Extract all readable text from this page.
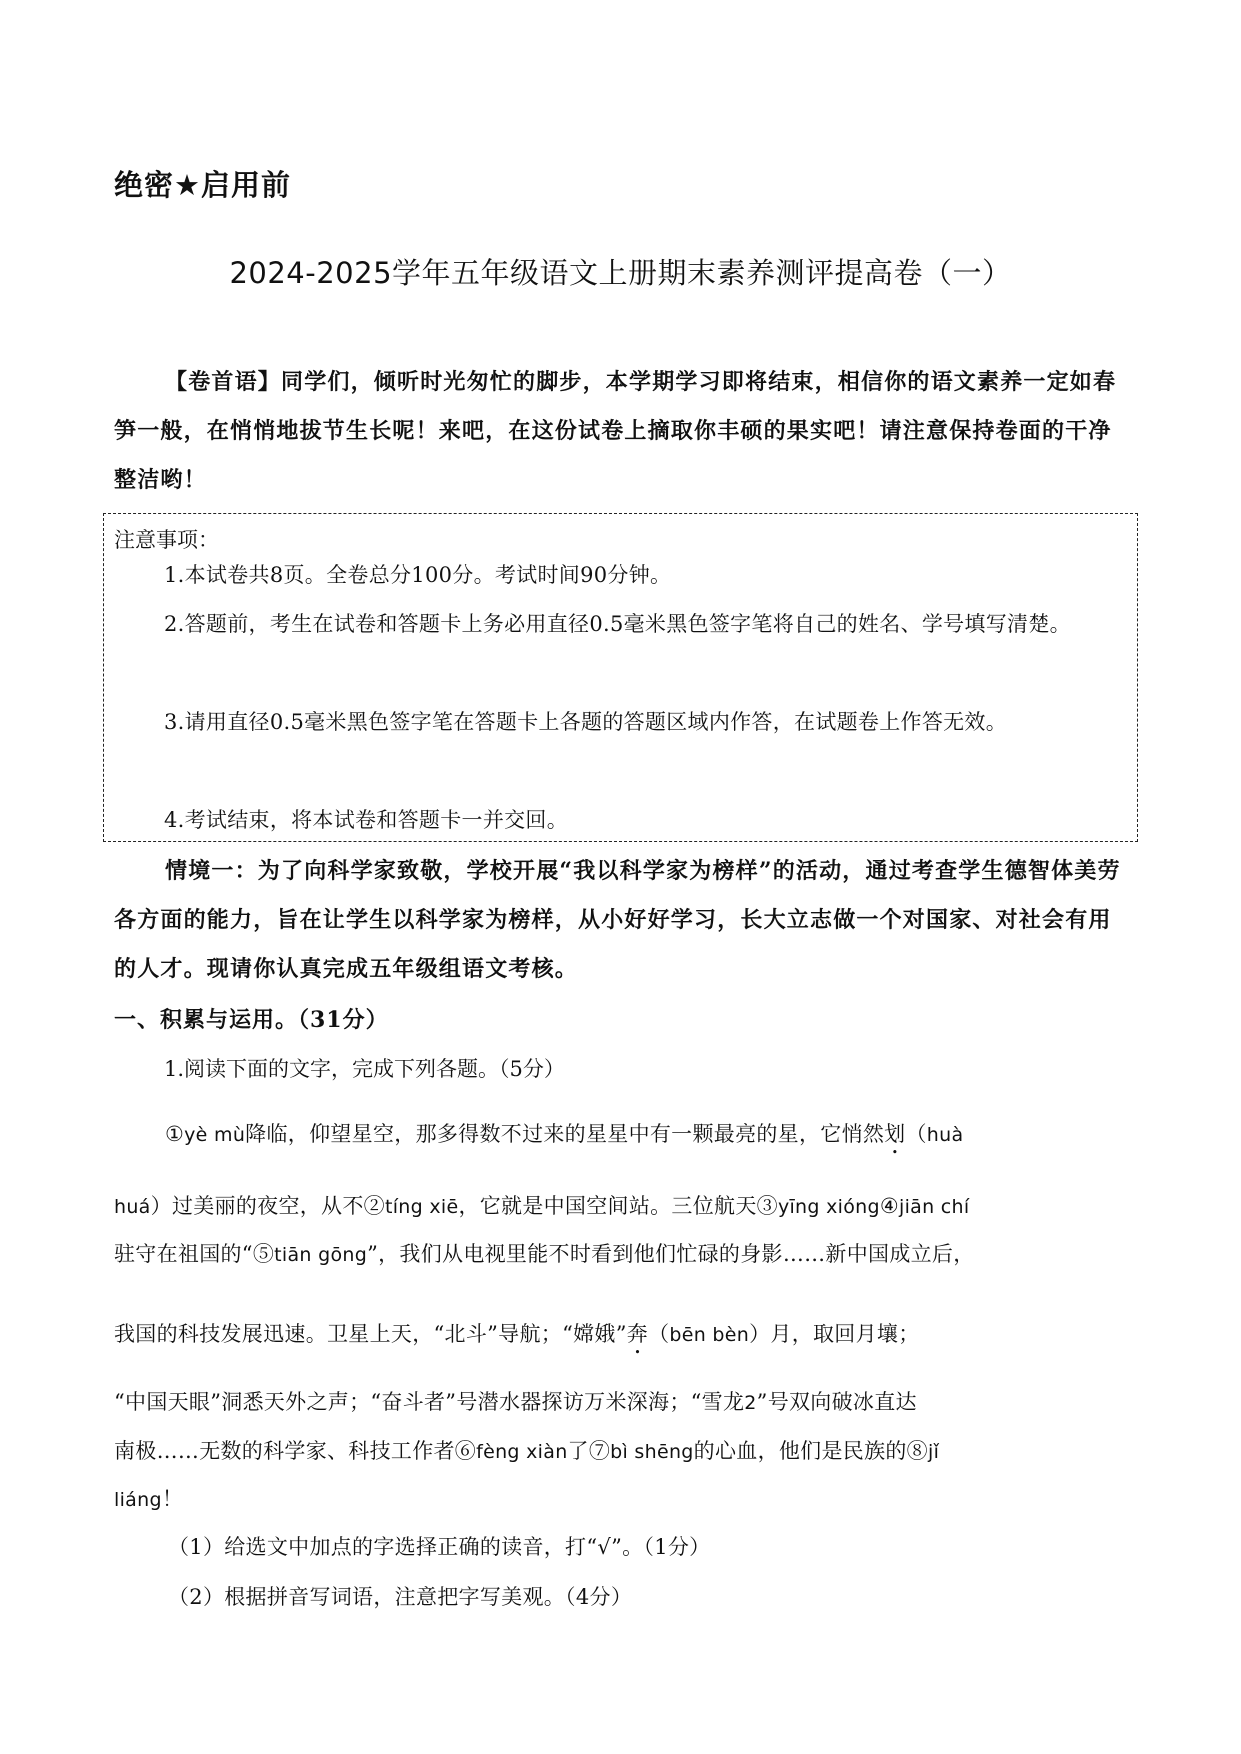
绝密★启用前
2024-2025学年五年级语文上册期末素养测评提高卷（一）
【卷首语】同学们，倾听时光匆忙的脚步，本学期学习即将结束，相信你的语文素养一定如春笋一般，在悄悄地拔节生长呢！来吧，在这份试卷上摘取你丰硕的果实吧！请注意保持卷面的干净整洁哟！
注意事项：
1.本试卷共8页。全卷总分100分。考试时间90分钟。
2.答题前，考生在试卷和答题卡上务必用直径0.5毫米黑色签字笔将自己的姓名、学号填写清楚。
3.请用直径0.5毫米黑色签字笔在答题卡上各题的答题区域内作答，在试题卷上作答无效。
4.考试结束，将本试卷和答题卡一并交回。
情境一：为了向科学家致敬，学校开展“我以科学家为榜样”的活动，通过考查学生德智体美劳各方面的能力，旨在让学生以科学家为榜样，从小好好学习，长大立志做一个对国家、对社会有用的人才。现请你认真完成五年级组语文考核。
一、积累与运用。（31分）
1.阅读下面的文字，完成下列各题。（5分）
①yè mù降临，仰望星空，那多得数不过来的星星中有一颗最亮的星，它悄然划（huà
huá）过美丽的夜空，从不②tíng xiē，它就是中国空间站。三位航天③yīng xióng④jiān chí
驻守在祖国的“⑤tiān gōng”，我们从电视里能不时看到他们忙碌的身影……新中国成立后，
我国的科技发展迅速。卫星上天，“北斗”导航；“嫦娥”奔（bēn bèn）月，取回月壤；
“中国天眼”洞悉天外之声；“奋斗者”号潜水器探访万米深海；“雪龙2”号双向破冰直达
南极……无数的科学家、科技工作者⑥fèng xiàn了⑦bì shēng的心血，他们是民族的⑧jǐ
liáng！
（1）给选文中加点的字选择正确的读音，打“√”。（1分）
（2）根据拼音写词语，注意把字写美观。（4分）
